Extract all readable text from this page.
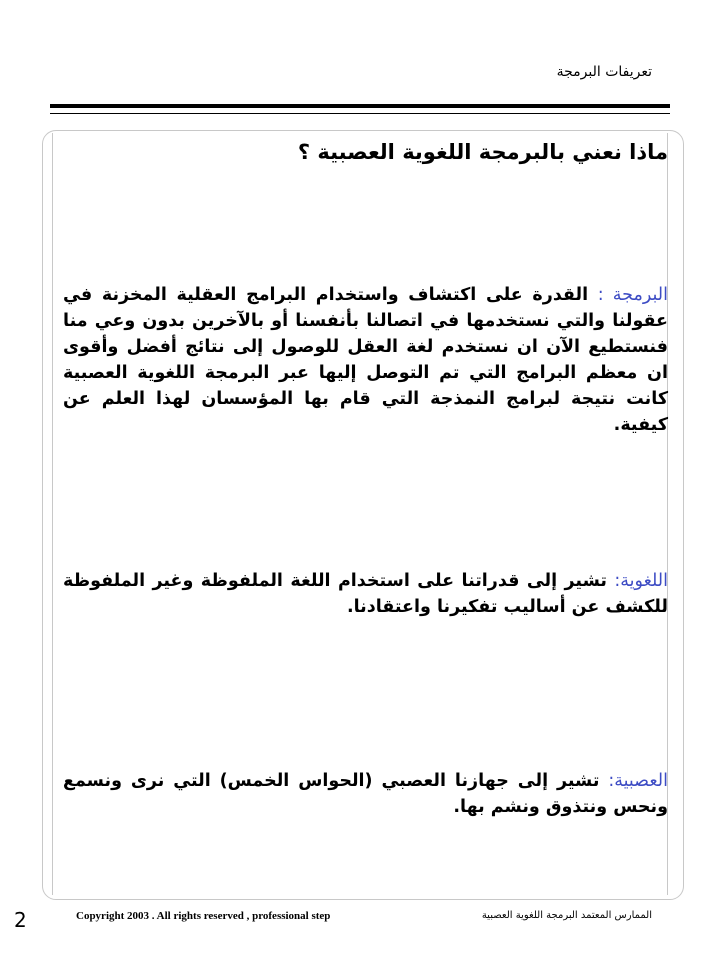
تعريفات البرمجة
ماذا نعني بالبرمجة اللغوية العصبية ؟
البرمجة : القدرة على اكتشاف واستخدام البرامج العقلية المخزنة في عقولنا والتي نستخدمها في اتصالنا بأنفسنا أو بالآخرين بدون وعي منا فنستطيع الآن ان نستخدم لغة العقل للوصول إلى نتائج أفضل وأقوى ان معظم البرامج التي تم التوصل إليها عبر البرمجة اللغوية العصبية كانت نتيجة لبرامج النمذجة التي قام بها المؤسسان لهذا العلم عن كيفية.
اللغوية: تشير إلى قدراتنا على استخدام اللغة الملفوظة وغير الملفوظة للكشف عن أساليب تفكيرنا واعتقادنا.
العصبية: تشير إلى جهازنا العصبي (الحواس الخمس) التي نرى ونسمع ونحس ونتذوق ونشم بها.
2	Copyright 2003 . All rights reserved , professional step	الممارس المعتمد البرمجة اللغوية العصبية
